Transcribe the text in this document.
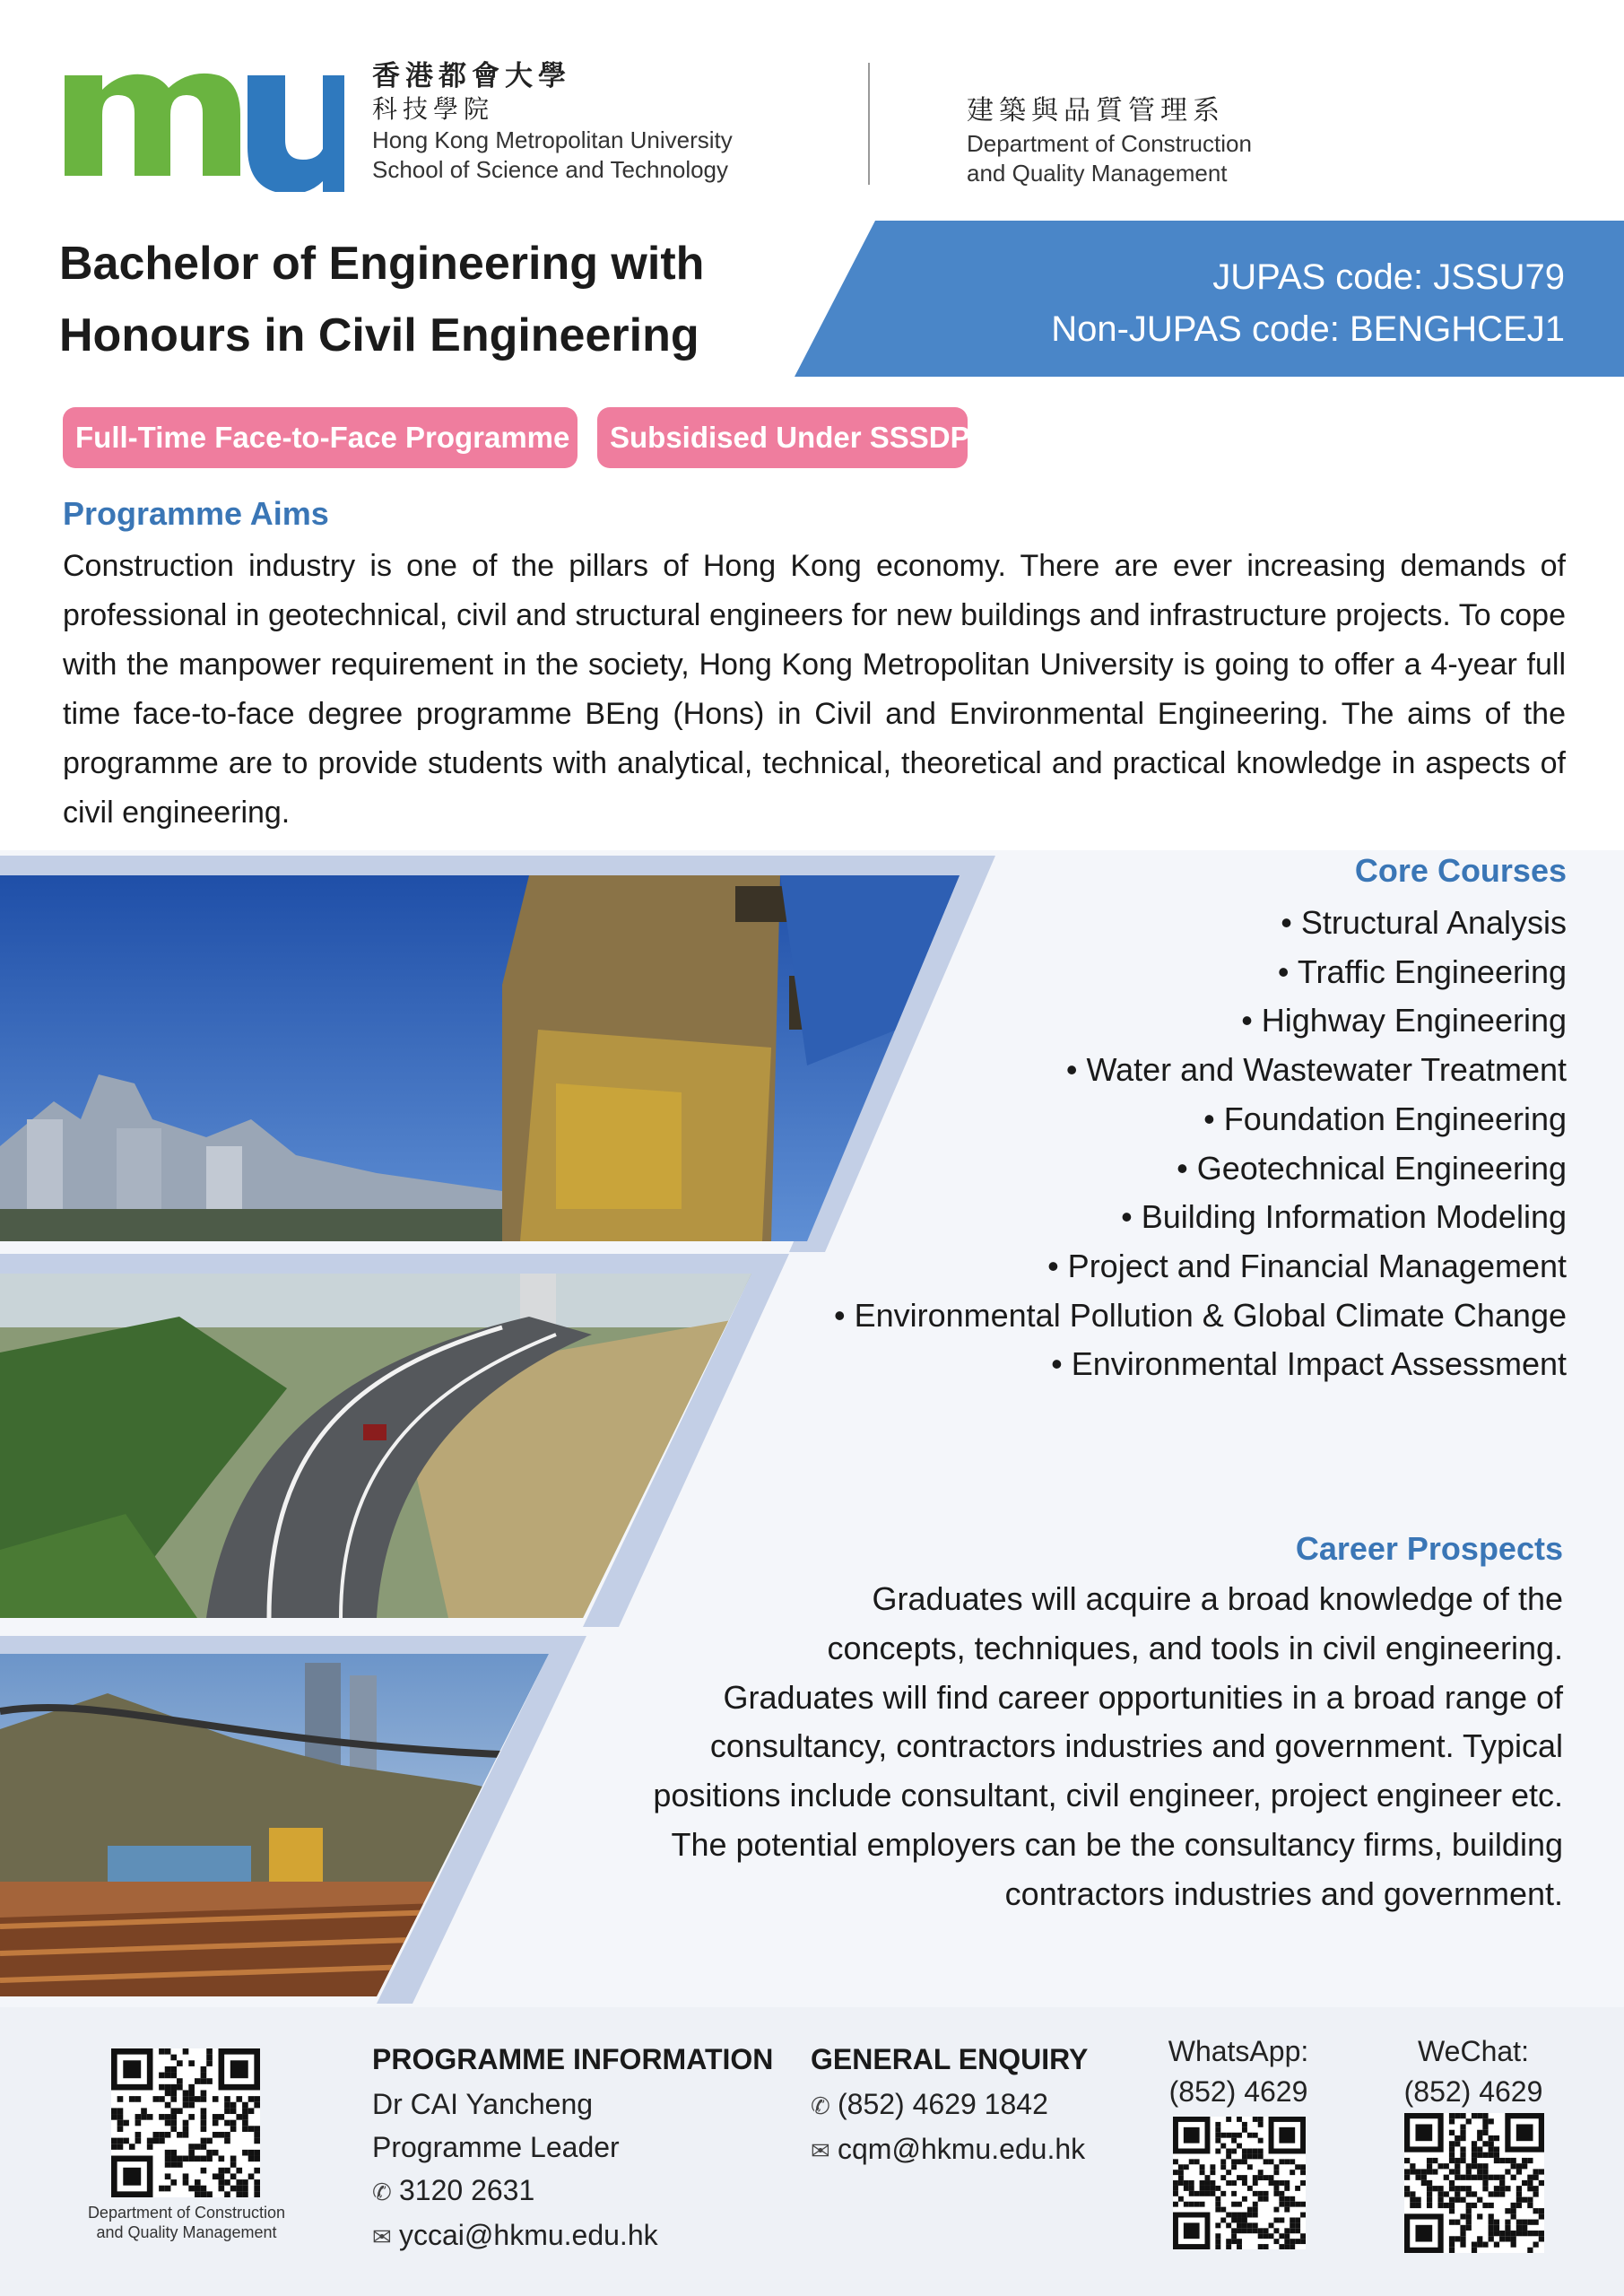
香港都會大學
科技學院
Hong Kong Metropolitan University
School of Science and Technology
建築與品質管理系
Department of Construction
and Quality Management
Bachelor of Engineering with
Honours in Civil Engineering
JUPAS code: JSSU79
Non-JUPAS code: BENGHCEJ1
Full-Time Face-to-Face Programme	Subsidised Under SSSDP
Programme Aims
Construction industry is one of the pillars of Hong Kong economy. There are ever increasing demands of professional in geotechnical, civil and structural engineers for new buildings and infrastructure projects. To cope with the manpower requirement in the society, Hong Kong Metropolitan University is going to offer a 4-year full time face-to-face degree programme BEng (Hons) in Civil and Environmental Engineering. The aims of the programme are to provide students with analytical, technical, theoretical and practical knowledge in aspects of civil engineering.
Core Courses
• Structural Analysis
• Traffic Engineering
• Highway Engineering
• Water and Wastewater Treatment
• Foundation Engineering
• Geotechnical Engineering
• Building Information Modeling
• Project and Financial Management
• Environmental Pollution & Global Climate Change
• Environmental Impact Assessment
Career Prospects
Graduates will acquire a broad knowledge of the
concepts, techniques, and tools in civil engineering.
Graduates will find career opportunities in a broad range of
consultancy, contractors industries and government. Typical
positions include consultant, civil engineer, project engineer etc.
The potential employers can be the consultancy firms, building
contractors industries and government.
Department of Construction
and Quality Management
PROGRAMME INFORMATION
Dr CAI Yancheng
Programme Leader
✆ 3120 2631
✉ yccai@hkmu.edu.hk
GENERAL ENQUIRY
✆ (852) 4629 1842
✉ cqm@hkmu.edu.hk
WhatsApp:
(852) 4629
WeChat:
(852) 4629
